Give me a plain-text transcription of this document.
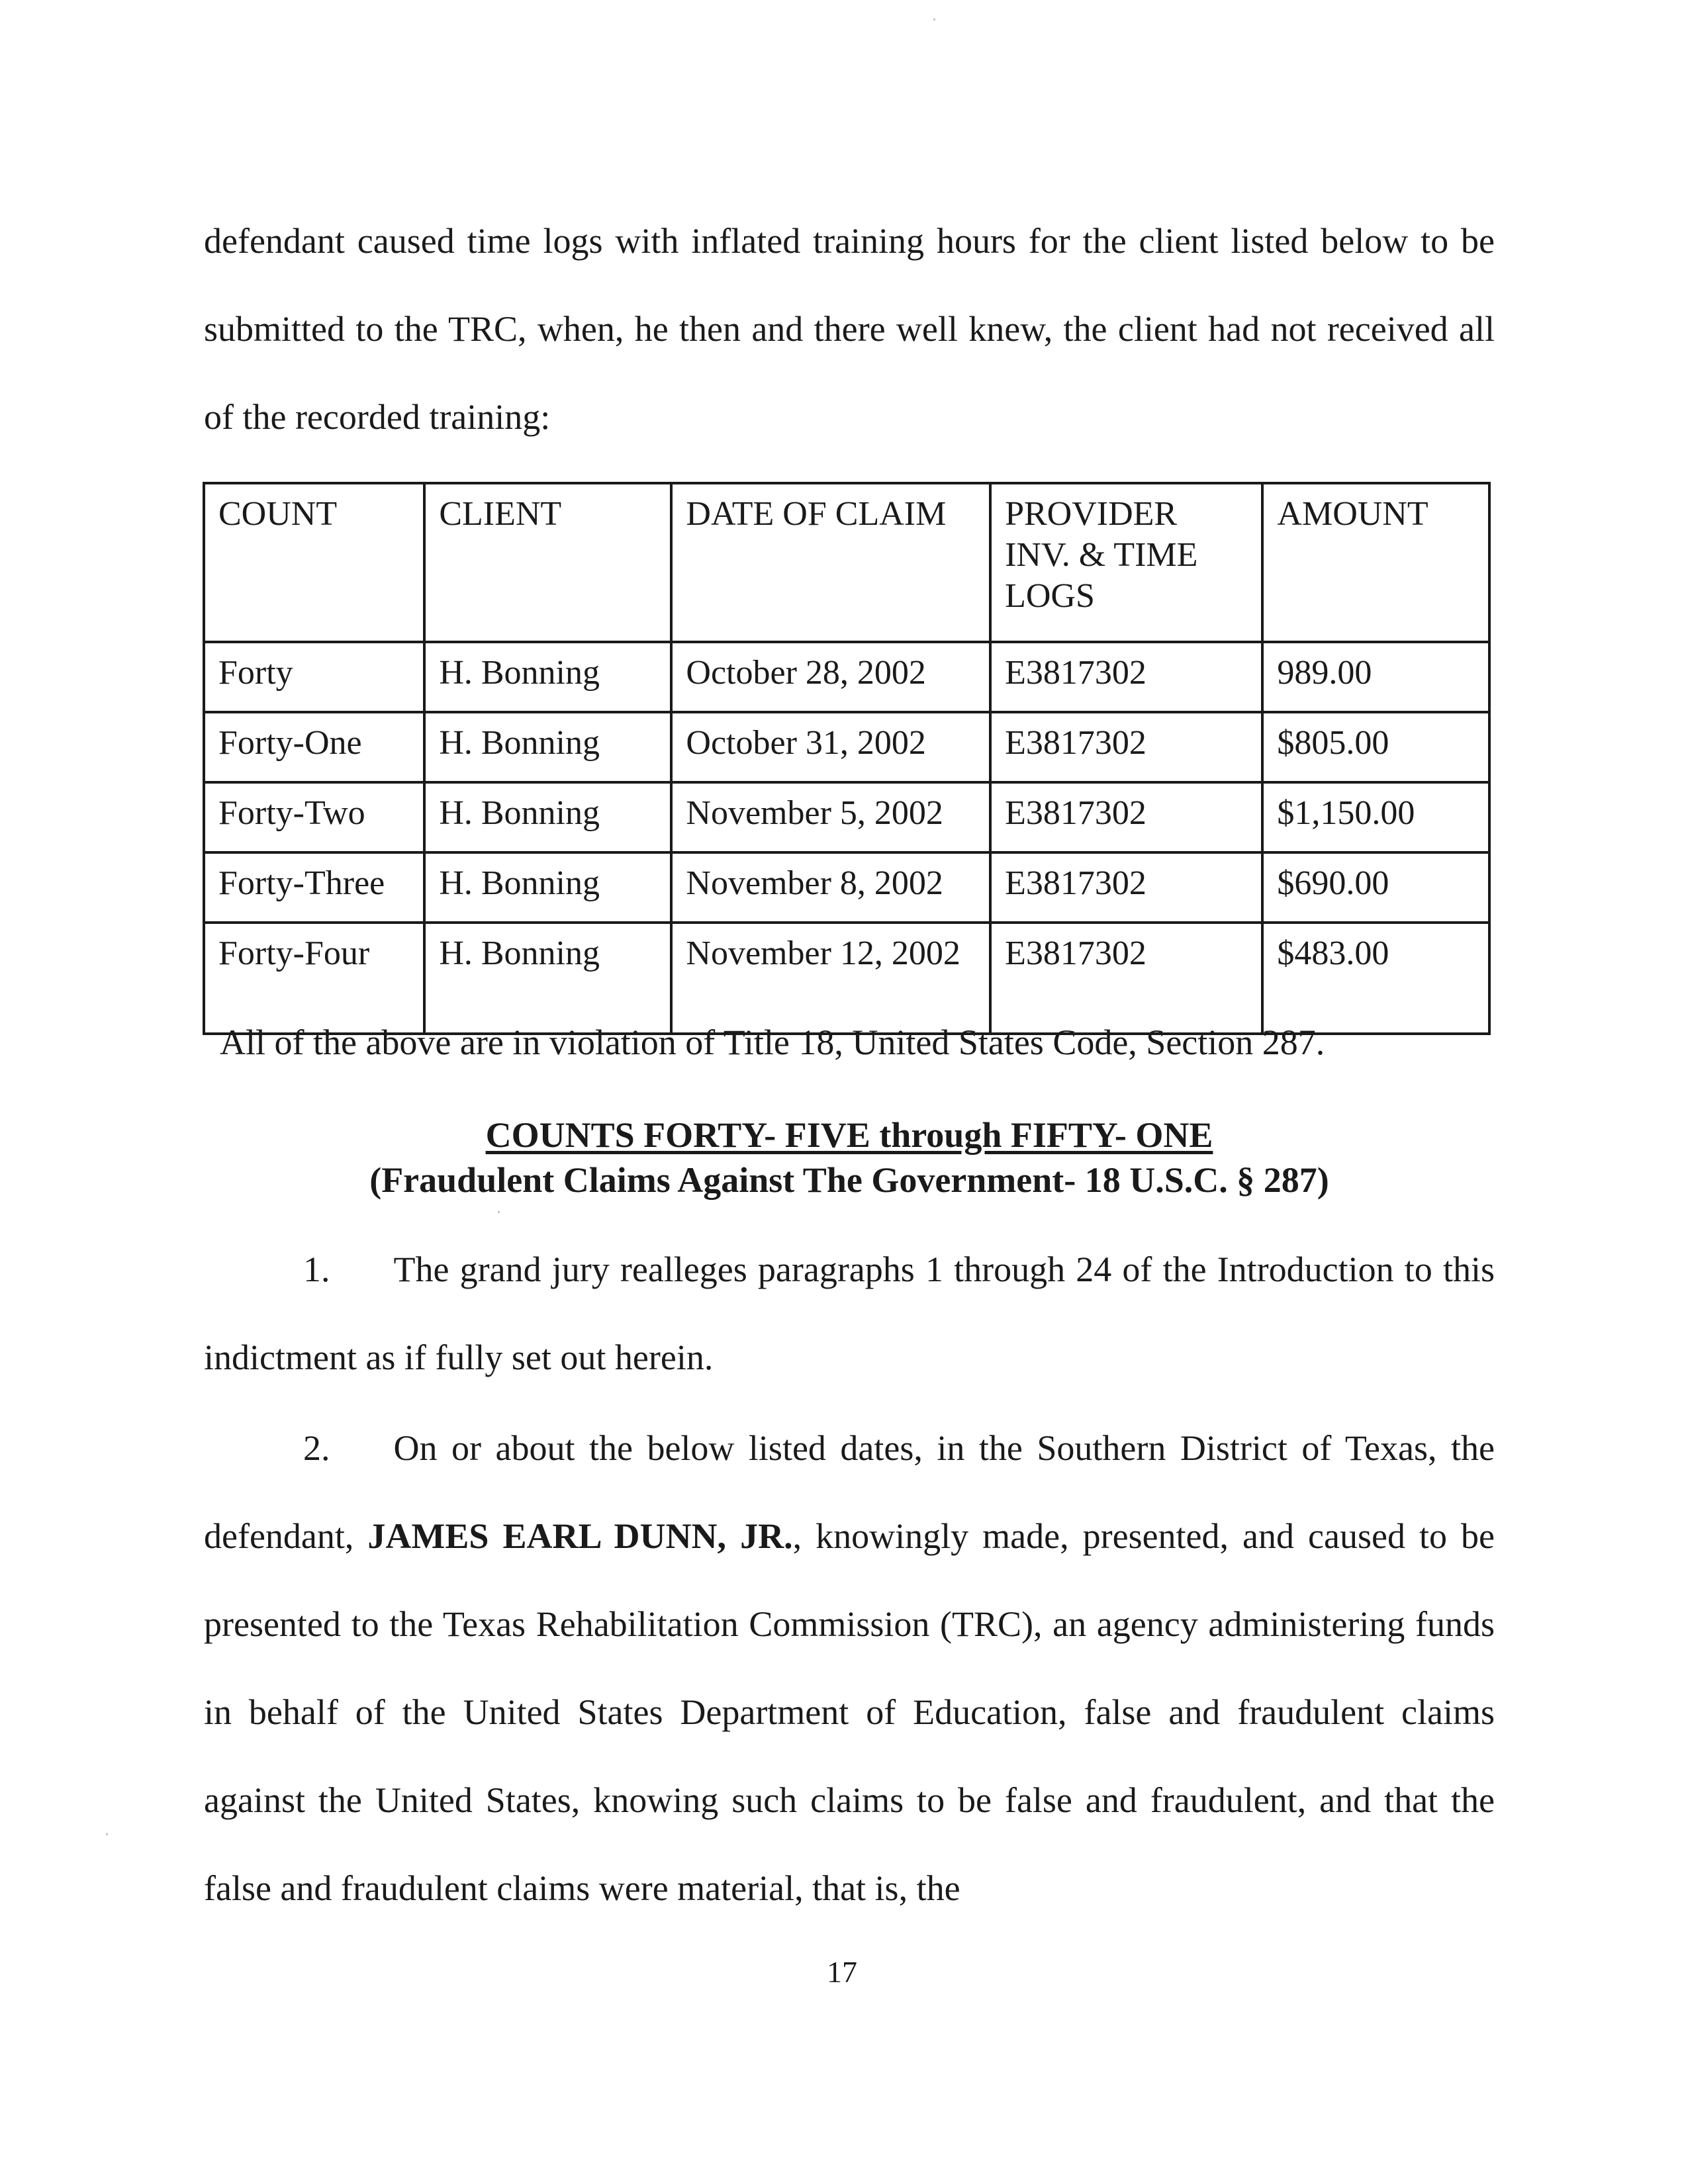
defendant caused time logs with inflated training hours for the client listed below to be submitted to the TRC, when, he then and there well knew, the client had not received all of the recorded training:

COUNT	CLIENT	DATE OF CLAIM	PROVIDER INV. & TIME LOGS	AMOUNT
Forty	H. Bonning	October 28, 2002	E3817302	989.00
Forty-One	H. Bonning	October 31, 2002	E3817302	$805.00
Forty-Two	H. Bonning	November 5, 2002	E3817302	$1,150.00
Forty-Three	H. Bonning	November 8, 2002	E3817302	$690.00
Forty-Four	H. Bonning	November 12, 2002	E3817302	$483.00

All of the above are in violation of Title 18, United States Code, Section 287.

COUNTS FORTY- FIVE through FIFTY- ONE

(Fraudulent Claims Against The Government- 18 U.S.C. § 287)

1. The grand jury realleges paragraphs 1 through 24 of the Introduction to this indictment as if fully set out herein.

2. On or about the below listed dates, in the Southern District of Texas, the defendant, JAMES EARL DUNN, JR., knowingly made, presented, and caused to be presented to the Texas Rehabilitation Commission (TRC), an agency administering funds in behalf of the United States Department of Education, false and fraudulent claims against the United States, knowing such claims to be false and fraudulent, and that the false and fraudulent claims were material, that is, the

17
